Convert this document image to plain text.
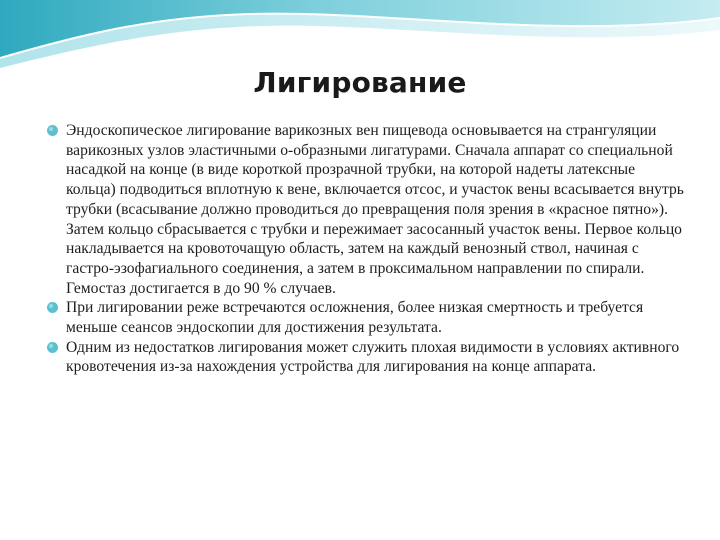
Лигирование
Эндоскопическое лигирование варикозных вен пищевода основывается на странгуляции варикозных узлов эластичными о-образными лигатурами. Сначала аппарат со специальной насадкой на конце (в виде короткой прозрачной трубки, на которой надеты латексные кольца) подводиться вплотную к вене, включается отсос, и участок вены всасывается внутрь трубки (всасывание должно проводиться до превращения поля зрения в «красное пятно»). Затем кольцо сбрасывается с трубки и пережимает засосанный участок вены. Первое кольцо накладывается на кровоточащую область, затем на каждый венозный ствол, начиная с гастро-эзофагиального соединения, а затем в проксимальном направлении по спирали. Гемостаз достигается в до 90 % случаев.
При лигировании реже встречаются осложнения, более низкая смертность и требуется меньше сеансов эндоскопии для достижения результата.
Одним из недостатков лигирования может служить плохая видимости в условиях активного кровотечения из-за нахождения устройства для лигирования на конце аппарата.
